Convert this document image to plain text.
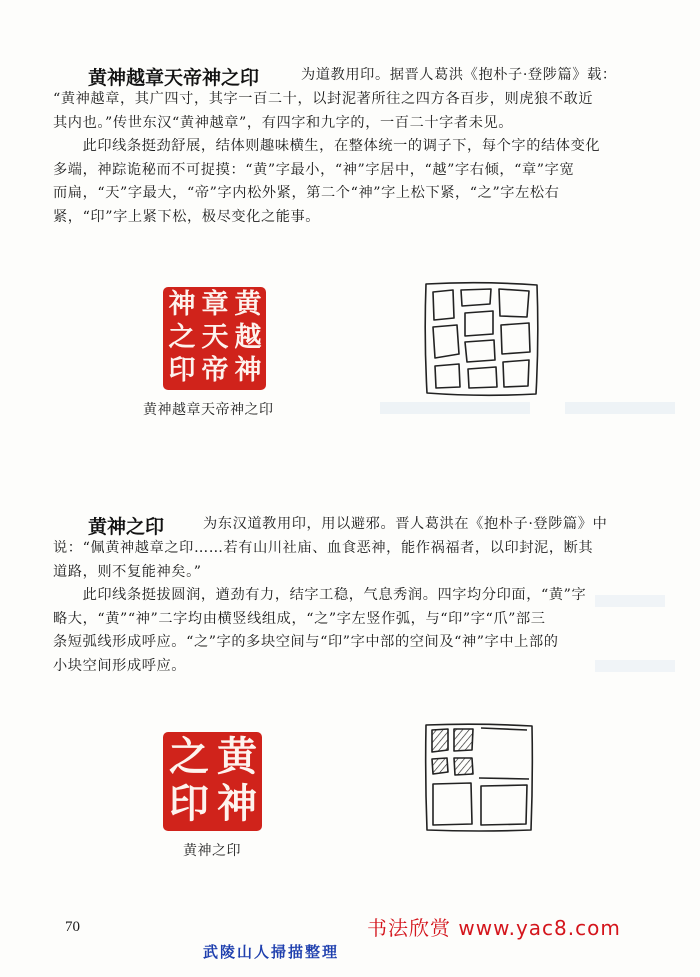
黄神越章天帝神之印	为道教用印。据晋人葛洪《抱朴子·登陟篇》载：
“黄神越章，其广四寸，其字一百二十，以封泥著所往之四方各百步，则虎狼不敢近
其内也。”传世东汉“黄神越章”，有四字和九字的，一百二十字者未见。
　　此印线条挺劲舒展，结体则趣味横生，在整体统一的调子下，每个字的结体变化
多端，神踪诡秘而不可捉摸：“黄”字最小，“神”字居中，“越”字右倾，“章”字宽
而扁，“天”字最大，“帝”字内松外紧，第二个“神”字上松下紧，“之”字左松右
紧，“印”字上紧下松，极尽变化之能事。
黄
越
神
章
天
帝
神
之
印
黄神越章天帝神之印
黄神之印	为东汉道教用印，用以避邪。晋人葛洪在《抱朴子·登陟篇》中
说：“佩黄神越章之印……若有山川社庙、血食恶神，能作祸福者，以印封泥，断其
道路，则不复能神矣。”
　　此印线条挺拔圆润，遒劲有力，结字工稳，气息秀润。四字均分印面，“黄”字
略大，“黄”“神”二字均由横竖线组成，“之”字左竖作弧，与“印”字“爪”部三
条短弧线形成呼应。“之”字的多块空间与“印”字中部的空间及“神”字中上部的
小块空间形成呼应。
黄
神
之
印
黄神之印
70	书法欣赏 www.yac8.com
武陵山人掃描整理
